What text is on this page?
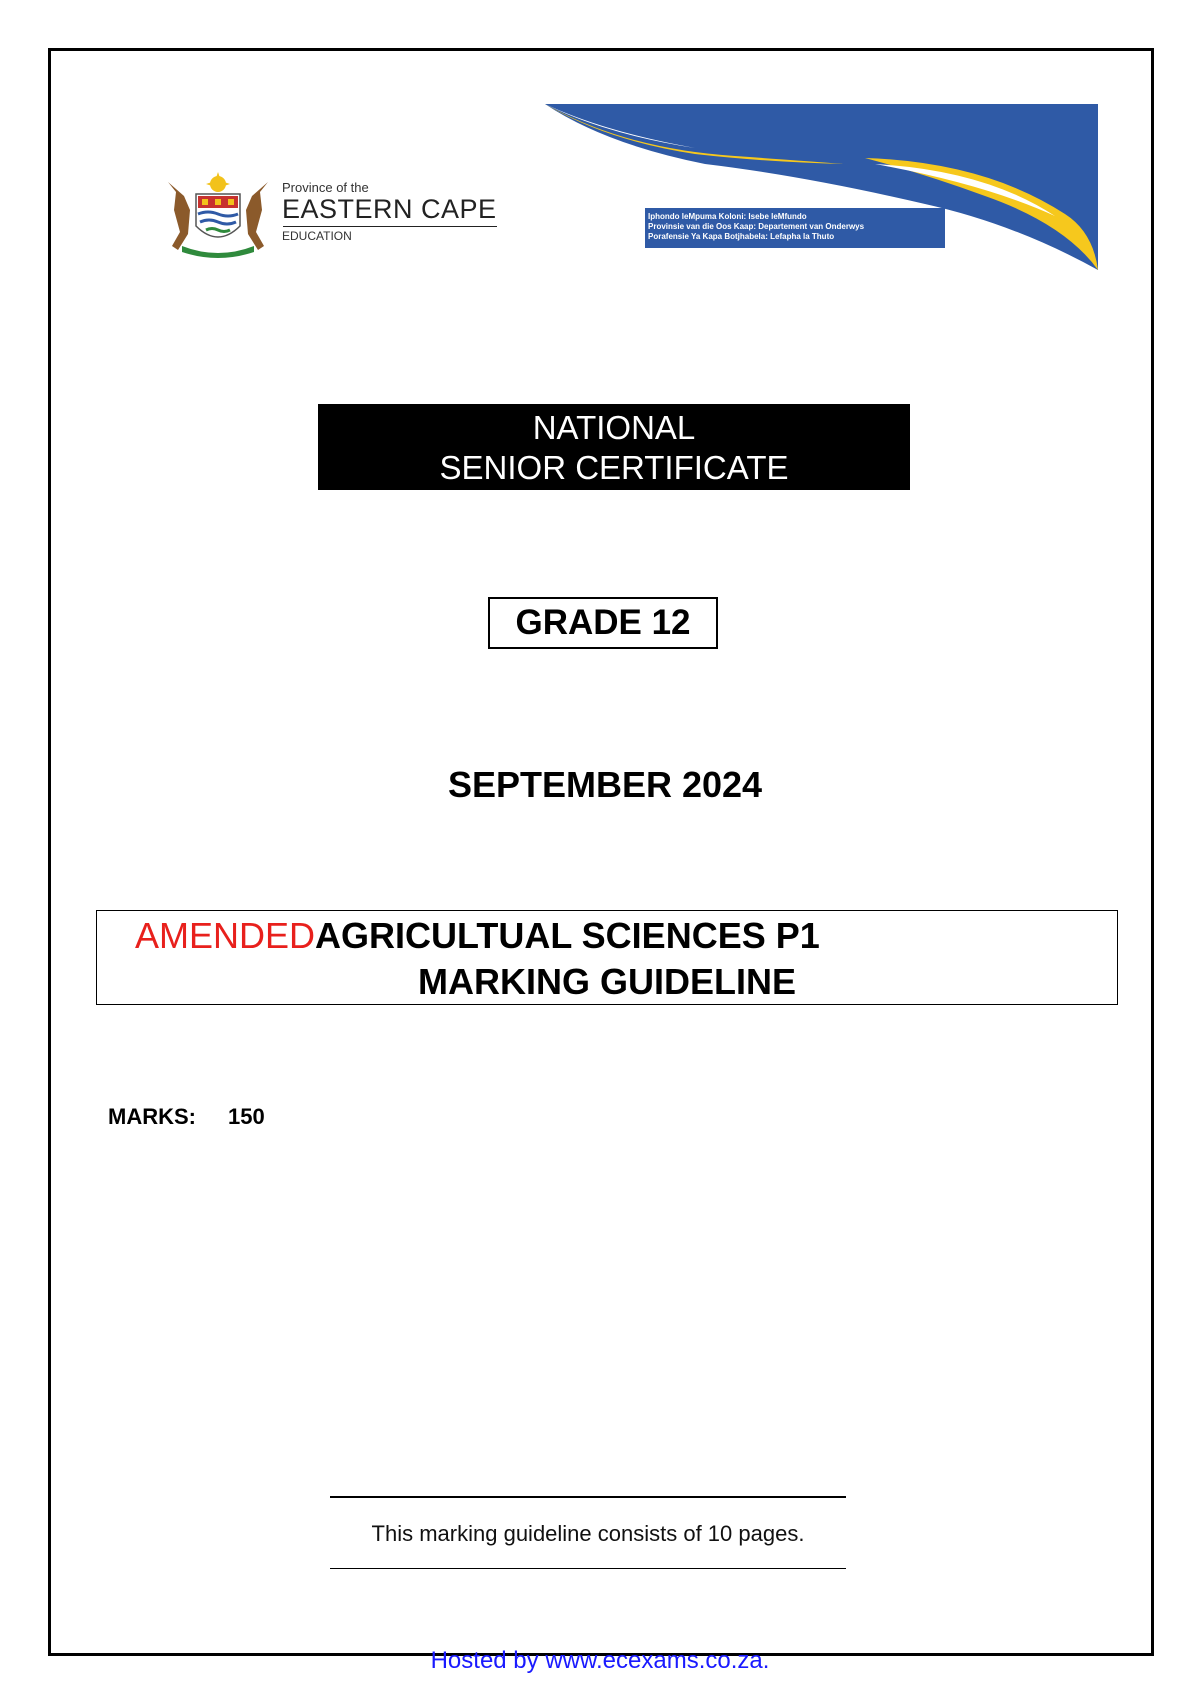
Province of the
EASTERN CAPE
EDUCATION
Iphondo leMpuma Koloni: Isebe leMfundo
Provinsie van die Oos Kaap: Departement van Onderwys
Porafensie Ya Kapa Botjhabela: Lefapha la Thuto
NATIONAL
SENIOR CERTIFICATE
GRADE 12
SEPTEMBER 2024
AMENDEDAGRICULTUAL SCIENCES P1
MARKING GUIDELINE
MARKS: 150
This marking guideline consists of 10 pages.
Hosted by www.ecexams.co.za.
